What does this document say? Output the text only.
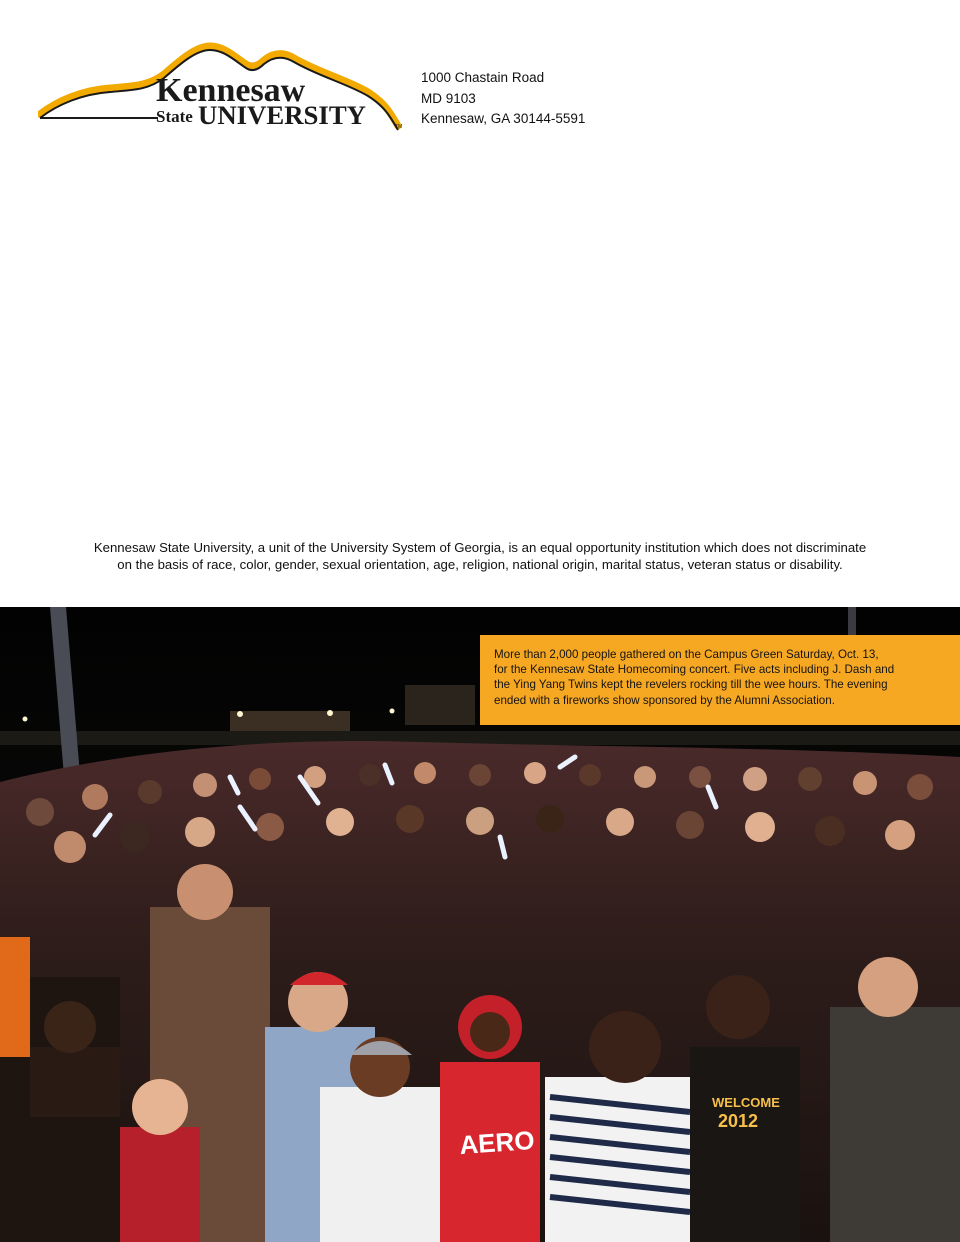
Kennesaw
State UNIVERSITY	TM
1000 Chastain Road
MD 9103
Kennesaw, GA 30144-5591
Kennesaw State University, a unit of the University System of Georgia, is an equal opportunity institution which does not discriminate
on the basis of race, color, gender, sexual orientation, age, religion, national origin, marital status, veteran status or disability.
AERO
WELCOME
2012
More than 2,000 people gathered on the Campus Green Saturday, Oct. 13,
for the Kennesaw State Homecoming concert. Five acts including J. Dash and
the Ying Yang Twins kept the revelers rocking till the wee hours. The evening
ended with a fireworks show sponsored by the Alumni Association.
